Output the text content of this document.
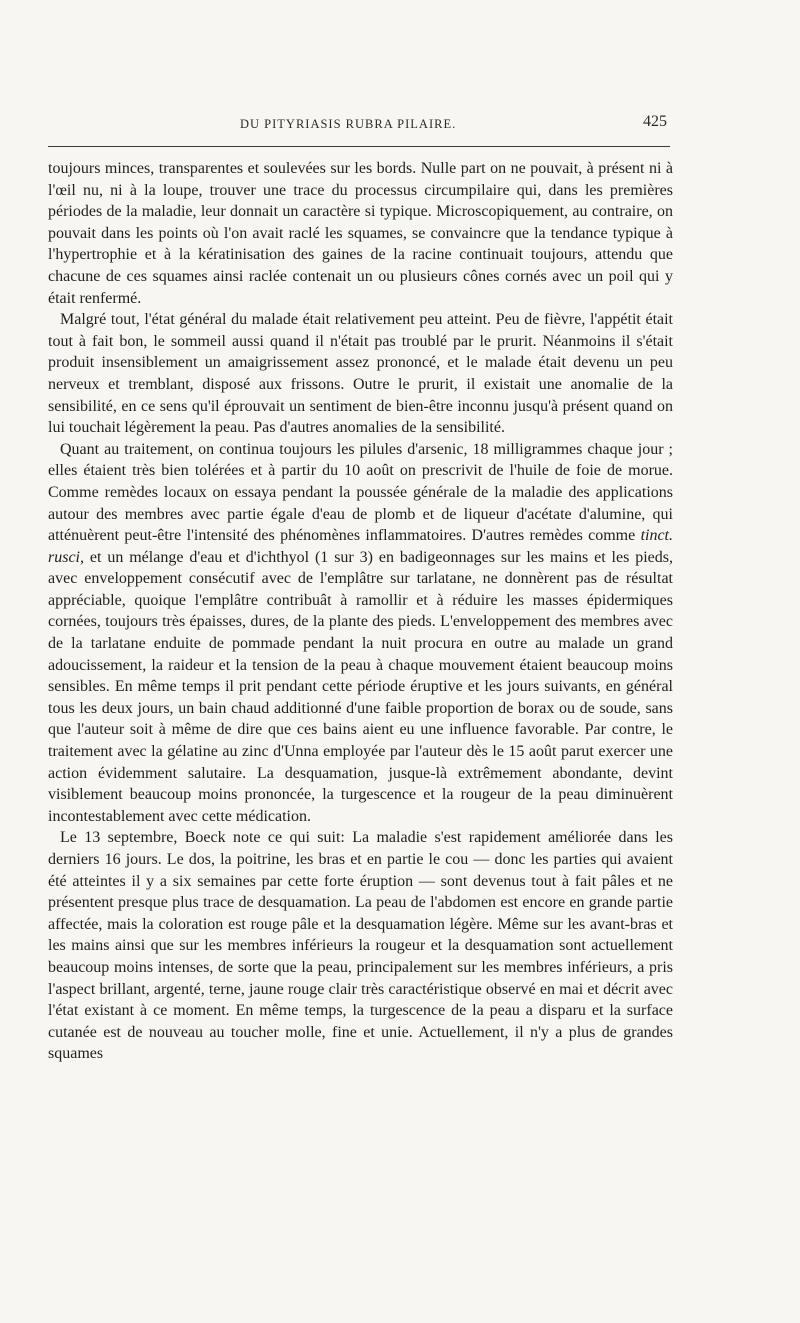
DU PITYRIASIS RUBRA PILAIRE.	425

toujours minces, transparentes et soulevées sur les bords. Nulle part on ne pouvait, à présent ni à l'œil nu, ni à la loupe, trouver une trace du processus circumpilaire qui, dans les premières périodes de la maladie, leur donnait un caractère si typique. Microscopiquement, au contraire, on pouvait dans les points où l'on avait raclé les squames, se convaincre que la tendance typique à l'hypertrophie et à la kératinisation des gaines de la racine continuait toujours, attendu que chacune de ces squames ainsi raclée contenait un ou plusieurs cônes cornés avec un poil qui y était renfermé.

Malgré tout, l'état général du malade était relativement peu atteint. Peu de fièvre, l'appétit était tout à fait bon, le sommeil aussi quand il n'était pas troublé par le prurit. Néanmoins il s'était produit insensiblement un amaigrissement assez prononcé, et le malade était devenu un peu nerveux et tremblant, disposé aux frissons. Outre le prurit, il existait une anomalie de la sensibilité, en ce sens qu'il éprouvait un sentiment de bien-être inconnu jusqu'à présent quand on lui touchait légèrement la peau. Pas d'autres anomalies de la sensibilité.

Quant au traitement, on continua toujours les pilules d'arsenic, 18 milligrammes chaque jour ; elles étaient très bien tolérées et à partir du 10 août on prescrivit de l'huile de foie de morue. Comme remèdes locaux on essaya pendant la poussée générale de la maladie des applications autour des membres avec partie égale d'eau de plomb et de liqueur d'acétate d'alumine, qui atténuèrent peut-être l'intensité des phénomènes inflammatoires. D'autres remèdes comme tinct. rusci, et un mélange d'eau et d'ichthyol (1 sur 3) en badigeonnages sur les mains et les pieds, avec enveloppement consécutif avec de l'emplâtre sur tarlatane, ne donnèrent pas de résultat appréciable, quoique l'emplâtre contribuât à ramollir et à réduire les masses épidermiques cornées, toujours très épaisses, dures, de la plante des pieds. L'enveloppement des membres avec de la tarlatane enduite de pommade pendant la nuit procura en outre au malade un grand adoucissement, la raideur et la tension de la peau à chaque mouvement étaient beaucoup moins sensibles. En même temps il prit pendant cette période éruptive et les jours suivants, en général tous les deux jours, un bain chaud additionné d'une faible proportion de borax ou de soude, sans que l'auteur soit à même de dire que ces bains aient eu une influence favorable. Par contre, le traitement avec la gélatine au zinc d'Unna employée par l'auteur dès le 15 août parut exercer une action évidemment salutaire. La desquamation, jusque-là extrêmement abondante, devint visiblement beaucoup moins prononcée, la turgescence et la rougeur de la peau diminuèrent incontestablement avec cette médication.

Le 13 septembre, Boeck note ce qui suit: La maladie s'est rapidement améliorée dans les derniers 16 jours. Le dos, la poitrine, les bras et en partie le cou — donc les parties qui avaient été atteintes il y a six semaines par cette forte éruption — sont devenus tout à fait pâles et ne présentent presque plus trace de desquamation. La peau de l'abdomen est encore en grande partie affectée, mais la coloration est rouge pâle et la desquamation légère. Même sur les avant-bras et les mains ainsi que sur les membres inférieurs la rougeur et la desquamation sont actuellement beaucoup moins intenses, de sorte que la peau, principalement sur les membres inférieurs, a pris l'aspect brillant, argenté, terne, jaune rouge clair très caractéristique observé en mai et décrit avec l'état existant à ce moment. En même temps, la turgescence de la peau a disparu et la surface cutanée est de nouveau au toucher molle, fine et unie. Actuellement, il n'y a plus de grandes squames
